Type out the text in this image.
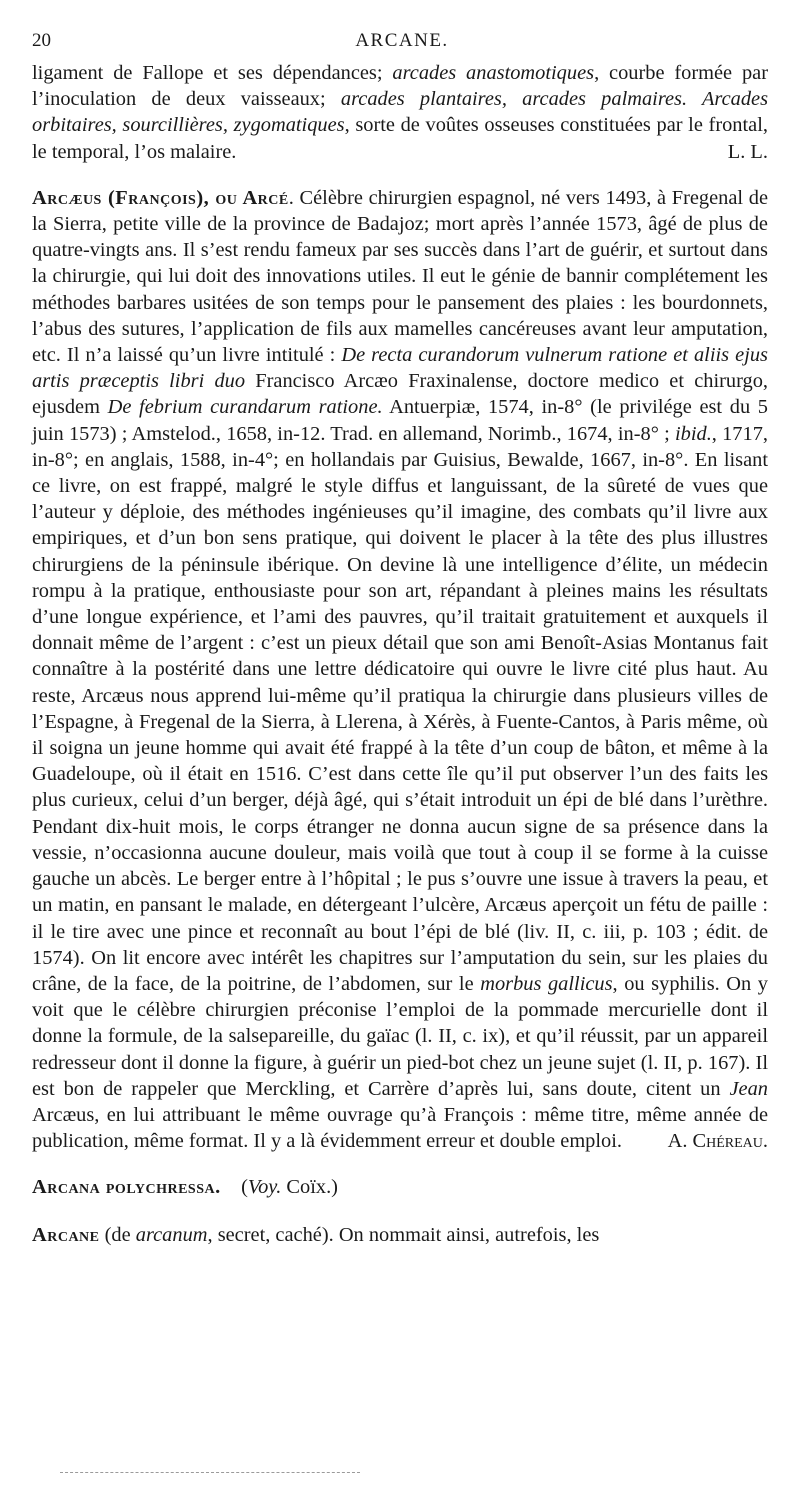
20	ARCANE.

ligament de Fallope et ses dépendances; arcades anastomotiques, courbe formée par l’inoculation de deux vaisseaux; arcades plantaires, arcades palmaires. Arcades orbitaires, sourcillières, zygomatiques, sorte de voûtes osseuses constituées par le frontal, le temporal, l’os malaire.	L. L.

Arcæus (François), ou Arcé. Célèbre chirurgien espagnol, né vers 1493, à Fregenal de la Sierra, petite ville de la province de Badajoz; mort après l’année 1573, âgé de plus de quatre-vingts ans. Il s’est rendu fameux par ses succès dans l’art de guérir, et surtout dans la chirurgie, qui lui doit des innovations utiles. Il eut le génie de bannir complétement les méthodes barbares usitées de son temps pour le pansement des plaies : les bourdonnets, l’abus des sutures, l’application de fils aux mamelles cancéreuses avant leur amputation, etc. Il n’a laissé qu’un livre intitulé : De recta curandorum vulnerum ratione et aliis ejus artis præceptis libri duo Francisco Arcæo Fraxinalense, doctore medico et chirurgo, ejusdem De febrium curandarum ratione. Antuerpiæ, 1574, in-8° (le privilége est du 5 juin 1573) ; Amstelod., 1658, in-12. Trad. en allemand, Norimb., 1674, in-8° ; ibid., 1717, in-8°; en anglais, 1588, in-4°; en hollandais par Guisius, Bewalde, 1667, in-8°. En lisant ce livre, on est frappé, malgré le style diffus et languissant, de la sûreté de vues que l’auteur y déploie, des méthodes ingénieuses qu’il imagine, des combats qu’il livre aux empiriques, et d’un bon sens pratique, qui doivent le placer à la tête des plus illustres chirurgiens de la péninsule ibérique. On devine là une intelligence d’élite, un médecin rompu à la pratique, enthousiaste pour son art, répandant à pleines mains les résultats d’une longue expérience, et l’ami des pauvres, qu’il traitait gratuitement et auxquels il donnait même de l’argent : c’est un pieux détail que son ami Benoît-Asias Montanus fait connaître à la postérité dans une lettre dédicatoire qui ouvre le livre cité plus haut. Au reste, Arcæus nous apprend lui-même qu’il pratiqua la chirurgie dans plusieurs villes de l’Espagne, à Fregenal de la Sierra, à Llerena, à Xérès, à Fuente-Cantos, à Paris même, où il soigna un jeune homme qui avait été frappé à la tête d’un coup de bâton, et même à la Guadeloupe, où il était en 1516. C’est dans cette île qu’il put observer l’un des faits les plus curieux, celui d’un berger, déjà âgé, qui s’était introduit un épi de blé dans l’urèthre. Pendant dix-huit mois, le corps étranger ne donna aucun signe de sa présence dans la vessie, n’occasionna aucune douleur, mais voilà que tout à coup il se forme à la cuisse gauche un abcès. Le berger entre à l’hôpital ; le pus s’ouvre une issue à travers la peau, et un matin, en pansant le malade, en détergeant l’ulcère, Arcæus aperçoit un fétu de paille : il le tire avec une pince et reconnaît au bout l’épi de blé (liv. II, c. iii, p. 103 ; édit. de 1574). On lit encore avec intérêt les chapitres sur l’amputation du sein, sur les plaies du crâne, de la face, de la poitrine, de l’abdomen, sur le morbus gallicus, ou syphilis. On y voit que le célèbre chirurgien préconise l’emploi de la pommade mercurielle dont il donne la formule, de la salsepareille, du gaïac (l. II, c. ix), et qu’il réussit, par un appareil redresseur dont il donne la figure, à guérir un pied-bot chez un jeune sujet (l. II, p. 167). Il est bon de rappeler que Merckling, et Carrère d’après lui, sans doute, citent un Jean Arcæus, en lui attribuant le même ouvrage qu’à François : même titre, même année de publication, même format. Il y a là évidemment erreur et double emploi. A. Chéreau.

Arcana polychressa. (Voy. Coïx.)

Arcane (de arcanum, secret, caché). On nommait ainsi, autrefois, les
